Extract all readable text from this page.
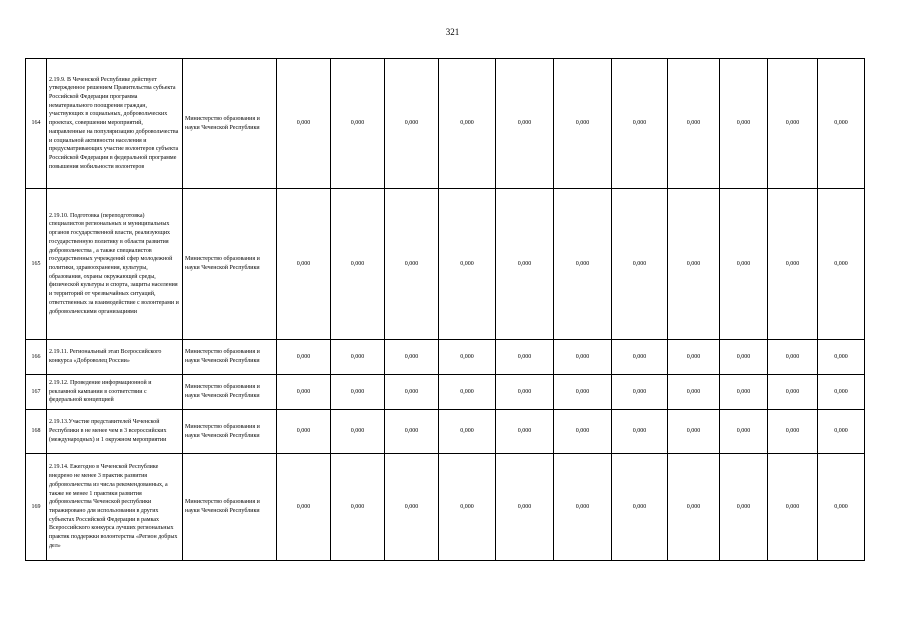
321
164	2.19.9. В Чеченской Республике действует утвержденное решением Правительства субъекта Российской Федерации программа нематериального поощрения граждан, участвующих в социальных, добровольческих проектах, совершении мероприятий, направленные на популяризацию добровольчества и социальной активности населения и предусматривающих участие волонтеров субъекта Российской Федерации в федеральной программе повышения мобильности волонтеров	Министерство образования и науки Чеченской Республики	0,000	0,000	0,000	0,000	0,000	0,000	0,000	0,000	0,000	0,000	0,000
165	2.19.10. Подготовка (переподготовка) специалистов региональных и муниципальных органов государственной власти, реализующих государственную политику в области развития добровольчества , а также специалистов государственных учреждений сфер молодежной политики, здравоохранения, культуры, образования, охраны окружающей среды, физической культуры и спорта, защиты населения и территорий от чрезвычайных ситуаций, ответственных за взаимодействие с волонтерами и добровольческими организациями	Министерство образования и науки Чеченской Республики	0,000	0,000	0,000	0,000	0,000	0,000	0,000	0,000	0,000	0,000	0,000
166	2.19.11. Региональный этап Всероссийского конкурса «Доброволец России»	Министерство образования и науки Чеченской Республики	0,000	0,000	0,000	0,000	0,000	0,000	0,000	0,000	0,000	0,000	0,000
167	2.19.12. Проведение информационной и рекламной кампании в соответствии с федеральной концепцией	Министерство образования и науки Чеченской Республики	0,000	0,000	0,000	0,000	0,000	0,000	0,000	0,000	0,000	0,000	0,000
168	2.19.13.Участие представителей Чеченской Республики в не менее чем в 3 всероссийских (международных) и 1 окружном мероприятии	Министерство образования и науки Чеченской Республики	0,000	0,000	0,000	0,000	0,000	0,000	0,000	0,000	0,000	0,000	0,000
169	2.19.14. Ежегодно в Чеченской Республике внедрено не менее 3 практик развития добровольчества из числа рекомендованных, а также не менее 1 практики развития добровольчества Чеченской республики тиражировано для использования в других субъектах Российской Федерации в рамках Всероссийского конкурса лучших региональных практик поддержки волонтерства «Регион добрых дел»	Министерство образования и науки Чеченской Республики	0,000	0,000	0,000	0,000	0,000	0,000	0,000	0,000	0,000	0,000	0,000
